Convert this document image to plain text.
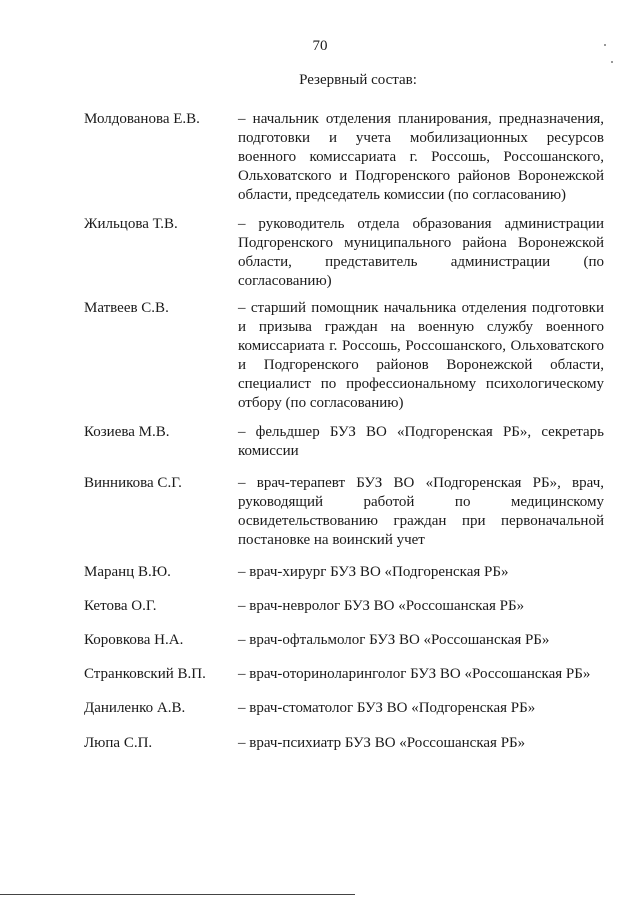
70
Резервный состав:
Молдованова Е.В.	– начальник отделения планирования, предназначения, подготовки и учета мобилизационных ресурсов военного комиссариата г. Россошь, Россошанского, Ольховатского и Подгоренского районов Воронежской области, председатель комиссии (по согласованию)
Жильцова Т.В.	– руководитель отдела образования администрации Подгоренского муниципального района Воронежской области, представитель администрации (по согласованию)
Матвеев С.В.	– старший помощник начальника отделения подготовки и призыва граждан на военную службу военного комиссариата г. Россошь, Россошанского, Ольховатского и Подгоренского районов Воронежской области, специалист по профессиональному психологическому отбору (по согласованию)
Козиева М.В.	– фельдшер БУЗ ВО «Подгоренская РБ», секретарь комиссии
Винникова С.Г.	– врач-терапевт БУЗ ВО «Подгоренская РБ», врач, руководящий работой по медицинскому освидетельствованию граждан при первоначальной постановке на воинский учет
Маранц В.Ю.	– врач-хирург БУЗ ВО «Подгоренская РБ»
Кетова О.Г.	– врач-невролог БУЗ ВО «Россошанская РБ»
Коровкова Н.А.	– врач-офтальмолог БУЗ ВО «Россошанская РБ»
Странковский В.П. – врач-оториноларинголог БУЗ ВО «Россошанская РБ»
Даниленко А.В.	– врач-стоматолог БУЗ ВО «Подгоренская РБ»
Люпа С.П.	– врач-психиатр БУЗ ВО «Россошанская РБ»
